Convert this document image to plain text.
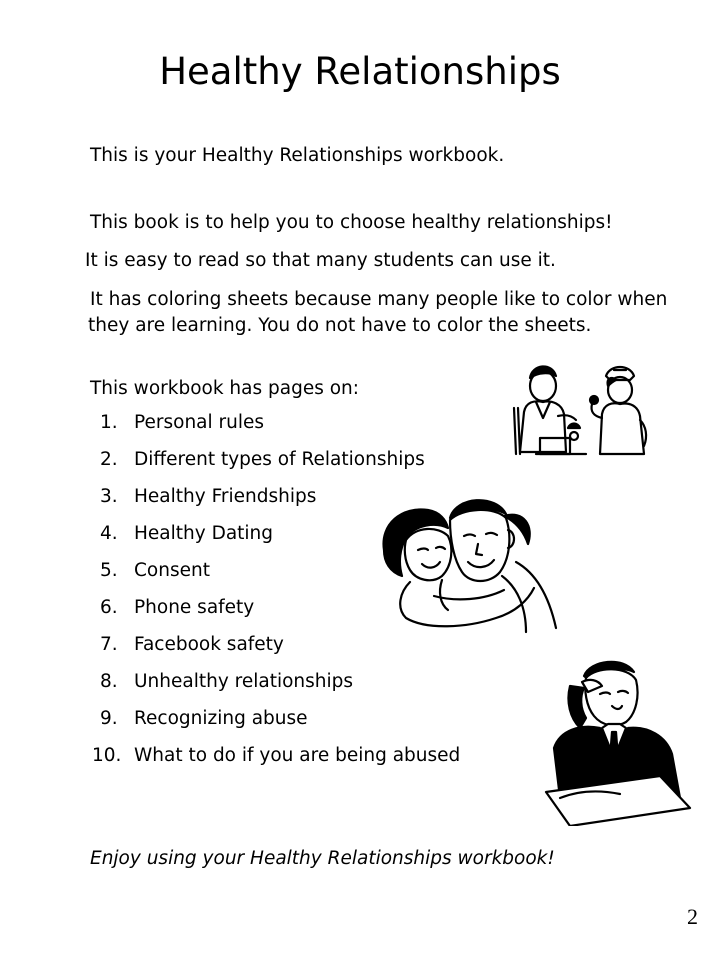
Healthy Relationships

This is your Healthy Relationships workbook.

This book is to help you to choose healthy relationships!

It is easy to read so that many students can use it.

It has coloring sheets because many people like to color when they are learning. You do not have to color the sheets.

This workbook has pages on:

1. Personal rules
2. Different types of Relationships
3. Healthy Friendships
4. Healthy Dating
5. Consent
6. Phone safety
7. Facebook safety
8. Unhealthy relationships
9. Recognizing abuse
10. What to do if you are being abused

Enjoy using your Healthy Relationships workbook!

2
